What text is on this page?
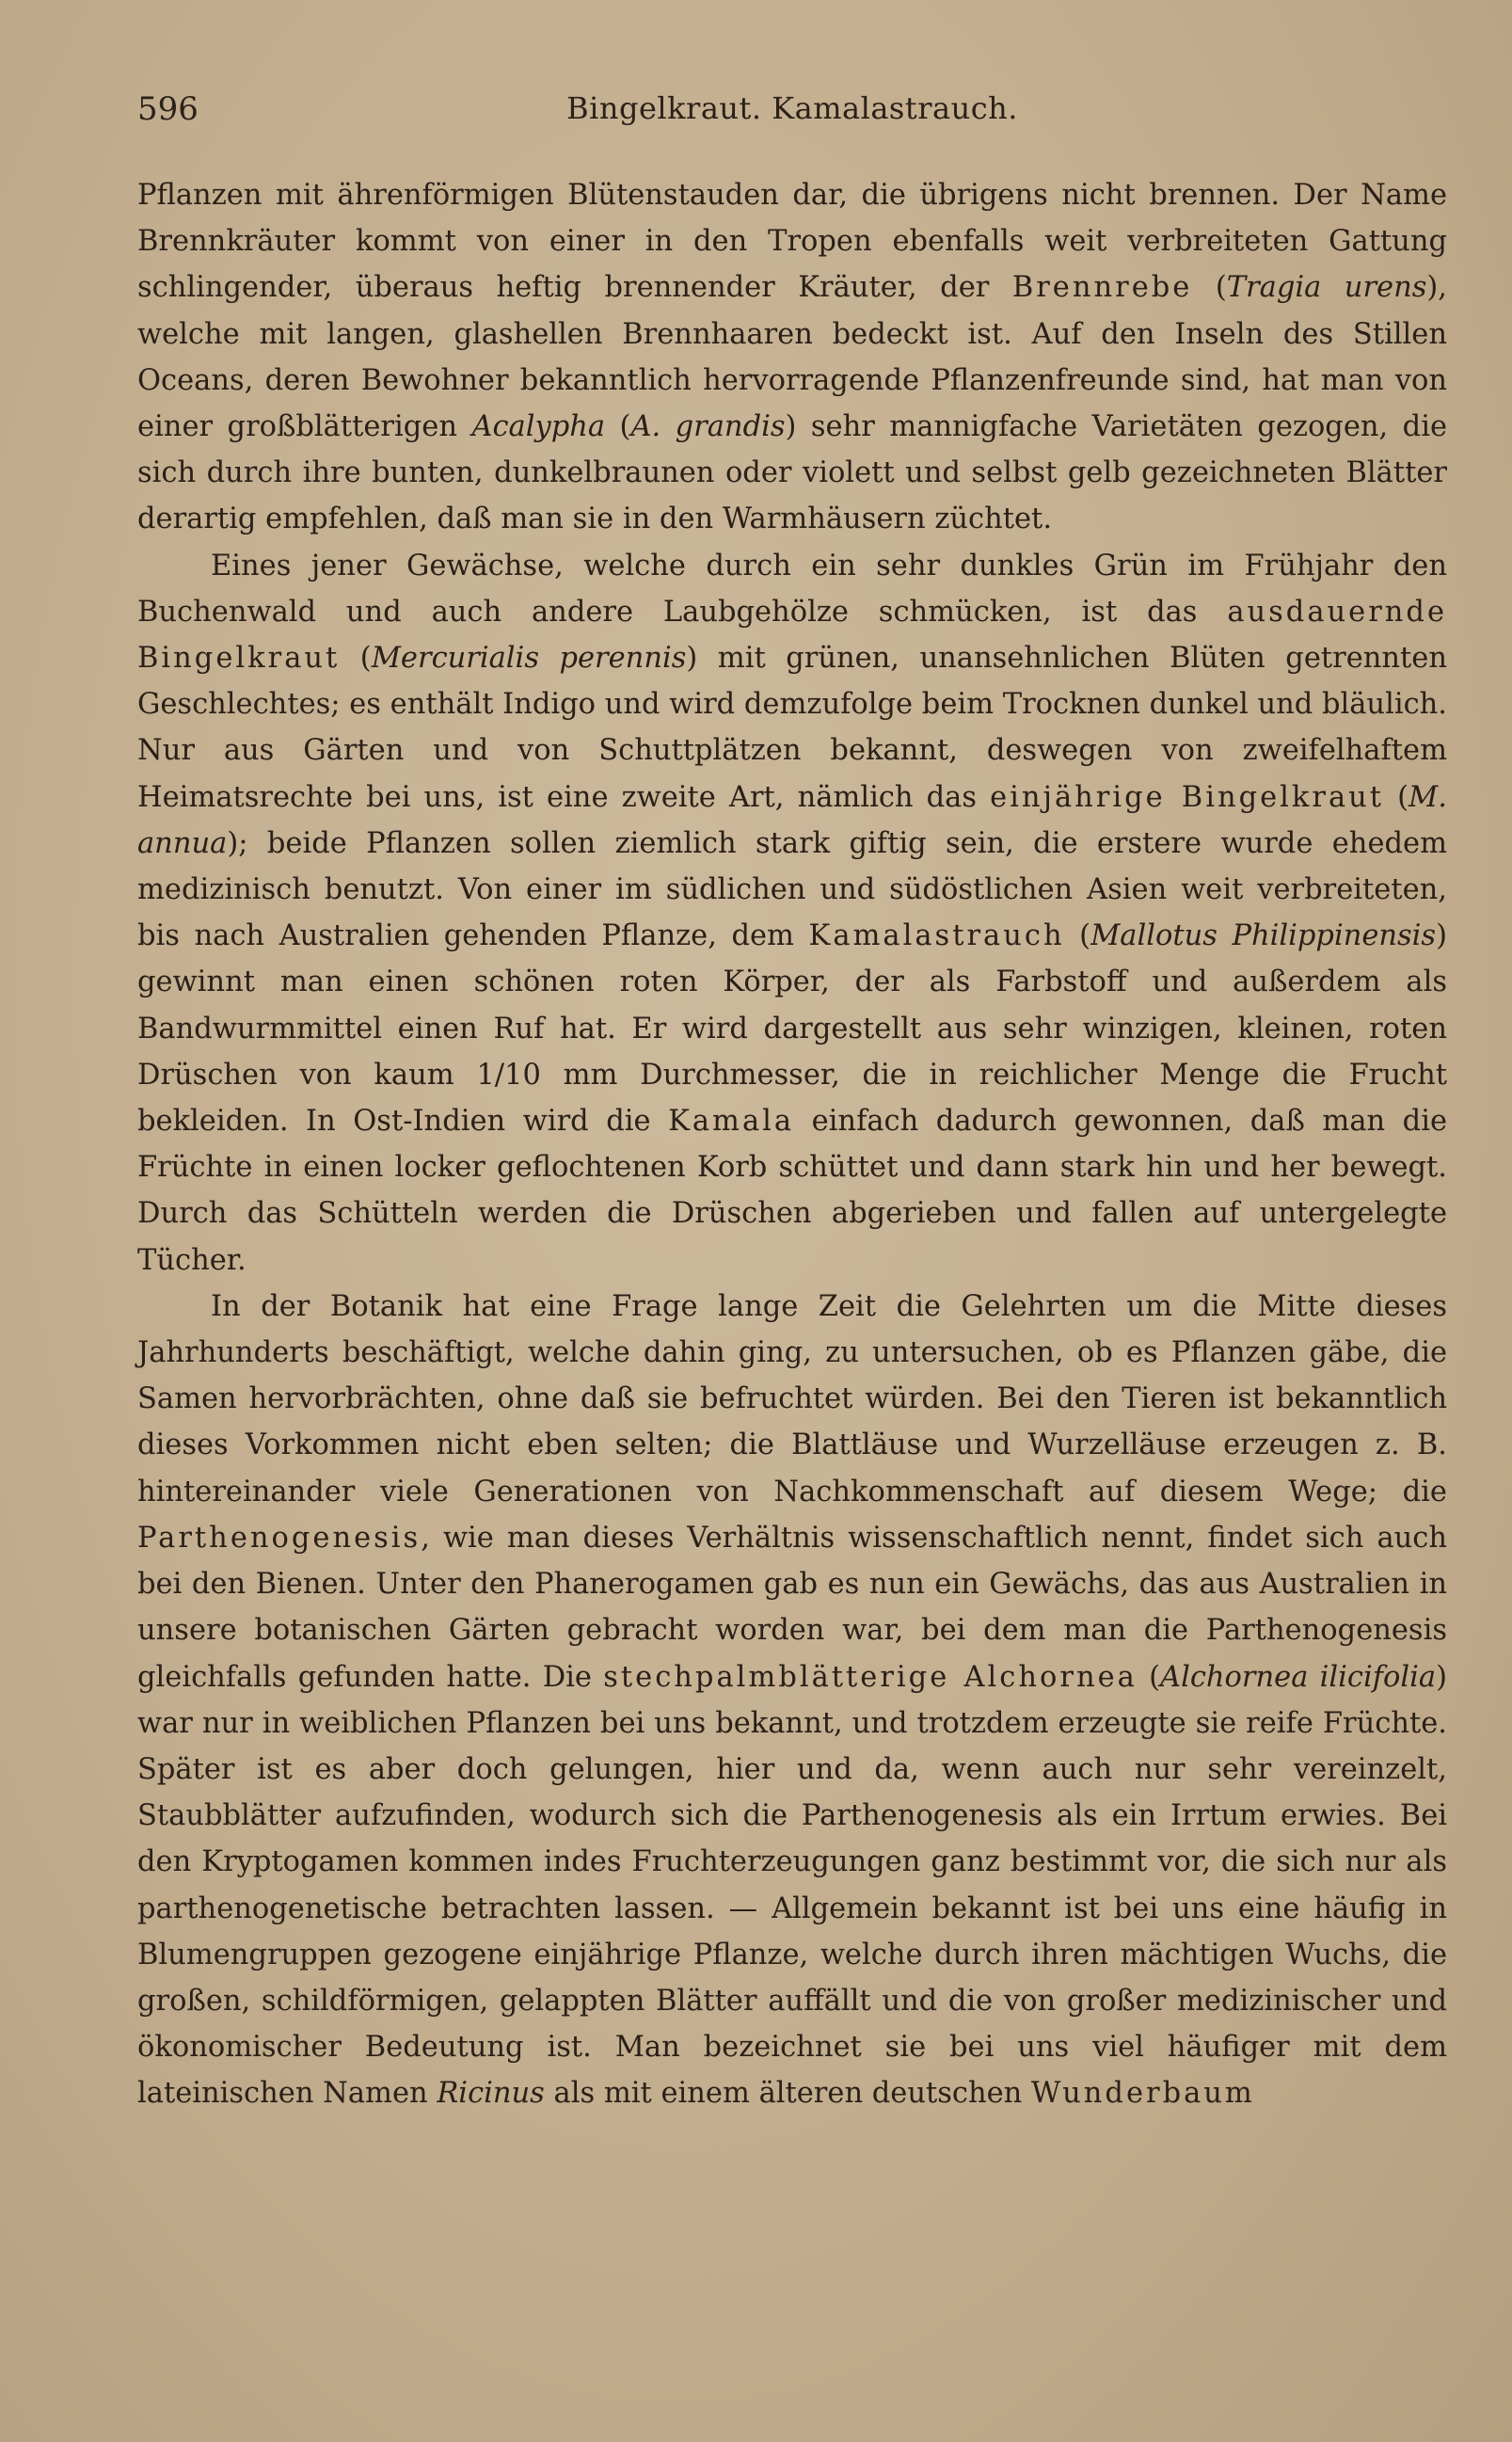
596	Bingelkraut. Kamalastrauch.

Pflanzen mit ährenförmigen Blütenstauden dar, die übrigens nicht brennen. Der Name Brennkräuter kommt von einer in den Tropen ebenfalls weit verbreiteten Gattung schlingender, überaus heftig brennender Kräuter, der Brennrebe (Tragia urens), welche mit langen, glashellen Brennhaaren bedeckt ist. Auf den Inseln des Stillen Oceans, deren Bewohner bekanntlich hervorragende Pflanzenfreunde sind, hat man von einer großblätterigen Acalypha (A. grandis) sehr mannigfache Varietäten gezogen, die sich durch ihre bunten, dunkelbraunen oder violett und selbst gelb gezeichneten Blätter derartig empfehlen, daß man sie in den Warmhäusern züchtet.

Eines jener Gewächse, welche durch ein sehr dunkles Grün im Frühjahr den Buchenwald und auch andere Laubgehölze schmücken, ist das ausdauernde Bingelkraut (Mercurialis perennis) mit grünen, unansehnlichen Blüten getrennten Geschlechtes; es enthält Indigo und wird demzufolge beim Trocknen dunkel und bläulich. Nur aus Gärten und von Schuttplätzen bekannt, deswegen von zweifelhaftem Heimatsrechte bei uns, ist eine zweite Art, nämlich das einjährige Bingelkraut (M. annua); beide Pflanzen sollen ziemlich stark giftig sein, die erstere wurde ehedem medizinisch benutzt. Von einer im südlichen und südöstlichen Asien weit verbreiteten, bis nach Australien gehenden Pflanze, dem Kamalastrauch (Mallotus Philippinensis) gewinnt man einen schönen roten Körper, der als Farbstoff und außerdem als Bandwurmmittel einen Ruf hat. Er wird dargestellt aus sehr winzigen, kleinen, roten Drüschen von kaum 1/10 mm Durchmesser, die in reichlicher Menge die Frucht bekleiden. In Ost-Indien wird die Kamala einfach dadurch gewonnen, daß man die Früchte in einen locker geflochtenen Korb schüttet und dann stark hin und her bewegt. Durch das Schütteln werden die Drüschen abgerieben und fallen auf untergelegte Tücher.

In der Botanik hat eine Frage lange Zeit die Gelehrten um die Mitte dieses Jahrhunderts beschäftigt, welche dahin ging, zu untersuchen, ob es Pflanzen gäbe, die Samen hervorbrächten, ohne daß sie befruchtet würden. Bei den Tieren ist bekanntlich dieses Vorkommen nicht eben selten; die Blattläuse und Wurzelläuse erzeugen z. B. hintereinander viele Generationen von Nachkommenschaft auf diesem Wege; die Parthenogenesis, wie man dieses Verhältnis wissenschaftlich nennt, findet sich auch bei den Bienen. Unter den Phanerogamen gab es nun ein Gewächs, das aus Australien in unsere botanischen Gärten gebracht worden war, bei dem man die Parthenogenesis gleichfalls gefunden hatte. Die stechpalmblätterige Alchornea (Alchornea ilicifolia) war nur in weiblichen Pflanzen bei uns bekannt, und trotzdem erzeugte sie reife Früchte. Später ist es aber doch gelungen, hier und da, wenn auch nur sehr vereinzelt, Staubblätter aufzufinden, wodurch sich die Parthenogenesis als ein Irrtum erwies. Bei den Kryptogamen kommen indes Fruchterzeugungen ganz bestimmt vor, die sich nur als parthenogenetische betrachten lassen. — Allgemein bekannt ist bei uns eine häufig in Blumengruppen gezogene einjährige Pflanze, welche durch ihren mächtigen Wuchs, die großen, schildförmigen, gelappten Blätter auffällt und die von großer medizinischer und ökonomischer Bedeutung ist. Man bezeichnet sie bei uns viel häufiger mit dem lateinischen Namen Ricinus als mit einem älteren deutschen Wunderbaum
